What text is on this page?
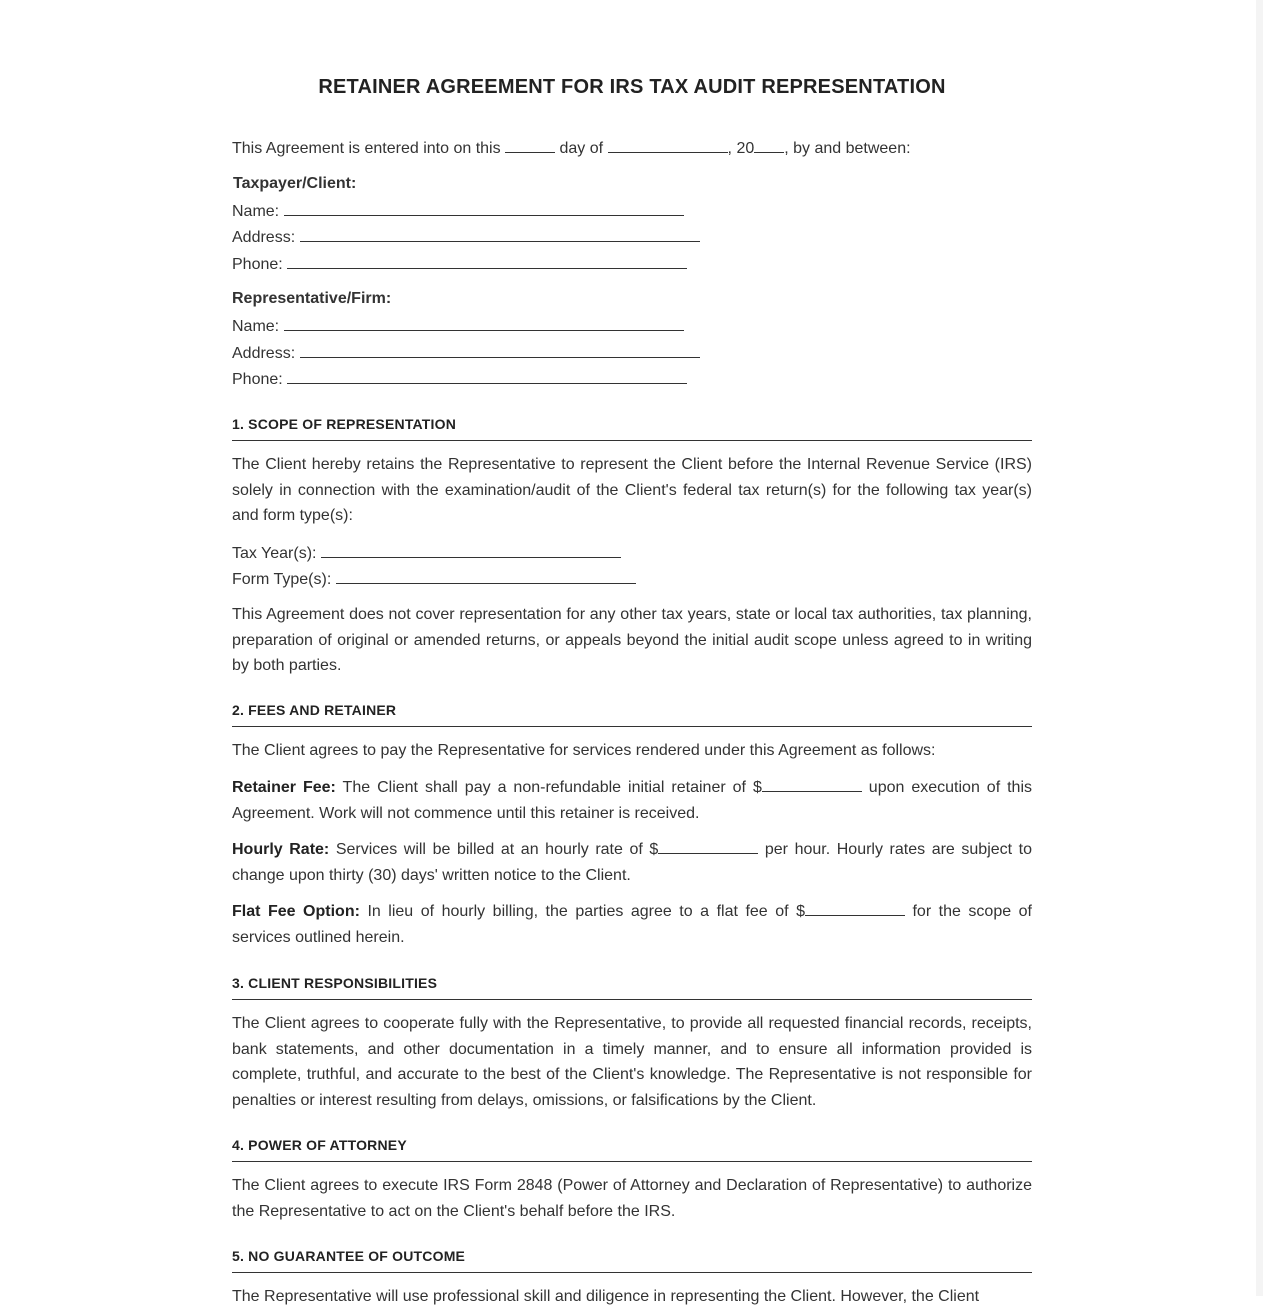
RETAINER AGREEMENT FOR IRS TAX AUDIT REPRESENTATION
This Agreement is entered into on this	day of	, 20 , by and between:
Taxpayer/Client:
Name:
Address:
Phone:
Representative/Firm:
Name:
Address:
Phone:
1. SCOPE OF REPRESENTATION
The Client hereby retains the Representative to represent the Client before the Internal Revenue Service (IRS) solely in connection with the examination/audit of the Client's federal tax return(s) for the following tax year(s) and form type(s):
Tax Year(s):
Form Type(s):
This Agreement does not cover representation for any other tax years, state or local tax authorities, tax planning, preparation of original or amended returns, or appeals beyond the initial audit scope unless agreed to in writing by both parties.
2. FEES AND RETAINER
The Client agrees to pay the Representative for services rendered under this Agreement as follows:
Retainer Fee: The Client shall pay a non-refundable initial retainer of $	upon execution of this Agreement. Work will not commence until this retainer is received.
Hourly Rate: Services will be billed at an hourly rate of $	per hour. Hourly rates are subject to change upon thirty (30) days' written notice to the Client.
Flat Fee Option: In lieu of hourly billing, the parties agree to a flat fee of $	for the scope of services outlined herein.
3. CLIENT RESPONSIBILITIES
The Client agrees to cooperate fully with the Representative, to provide all requested financial records, receipts, bank statements, and other documentation in a timely manner, and to ensure all information provided is complete, truthful, and accurate to the best of the Client's knowledge. The Representative is not responsible for penalties or interest resulting from delays, omissions, or falsifications by the Client.
4. POWER OF ATTORNEY
The Client agrees to execute IRS Form 2848 (Power of Attorney and Declaration of Representative) to authorize the Representative to act on the Client's behalf before the IRS.
5. NO GUARANTEE OF OUTCOME
The Representative will use professional skill and diligence in representing the Client. However, the Client
